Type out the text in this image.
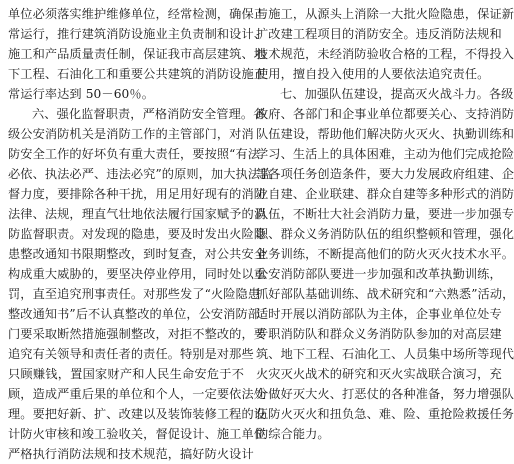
单位必须落实维护维修单位，经常检测，确保正
常运行，推行建筑消防设施业主负责制和设计、
施工和产品质量责任制，保证我市高层建筑、地
下工程、石油化工和重要公共建筑的消防设施正
常运行率达到 50－60％。
六、强化监督职责，严格消防安全管理。各
级公安消防机关是消防工作的主管部门，对消
防安全工作的好坏负有重大责任，要按照“有法
必依、执法必严、违法必究”的原则，加大执法监
督力度，要排除各种干扰，用足用好现有的消防
法律、法规，理直气壮地依法履行国家赋予的消
防监督职责。对发现的隐患，要及时发出火险隐
患整改通知书限期整改，到时复查，对公共安全
构成重大威胁的，要坚决停业停用，同时处以重
罚，直至追究刑事责任。对那些发了“火险隐患
整改通知书”后不认真整改的单位，公安消防部
门要采取断然措施强制整改，对拒不整改的，要
追究有关领导和责任者的责任。特别是对那些
只顾赚钱，置国家财产和人民生命安危于不
顾，造成严重后果的单位和个人，一定要依法处
理。要把好新、扩、改建以及装饰装修工程的设
计防火审核和竣工验收关，督促设计、施工单位
严格执行消防法规和技术规范，搞好防火设计
与施工，从源头上消除一大批火险隐患，保证新
扩改建工程项目的消防安全。违反消防法规和
技术规范，未经消防验收合格的工程，不得投入
使用，擅自投入使用的人要依法追究责任。
七、加强队伍建设，提高灭火战斗力。各级
政府、各部门和企事业单位都要关心、支持消防
队伍建设，帮助他们解决防火灭火、执勤训练和
学习、生活上的具体困难，主动为他们完成抢险
等各项任务创造条件，要大力发展政府组建、企
业自建、企业联建、群众自建等多种形式的消防
队伍，不断壮大社会消防力量，要进一步加强专
职、群众义务消防队伍的组织整顿和管理，强化
业务训练，不断提高他们的防火灭火技术水平。
公安消防部队要进一步加强和改革执勤训练，
抓好部队基础训练、战术研究和“六熟悉”活动，
适时开展以消防部队为主体，企事业单位处专
专职消防队和群众义务消防队参加的对高层建
筑、地下工程、石油化工、人员集中场所等现代
火灾灭火战术的研究和灭火实战联合演习，充
分做好灭大火、打恶仗的各种准备，努力增强队
伍防火灭火和扭负急、难、险、重抢险救援任务
的综合能力。
